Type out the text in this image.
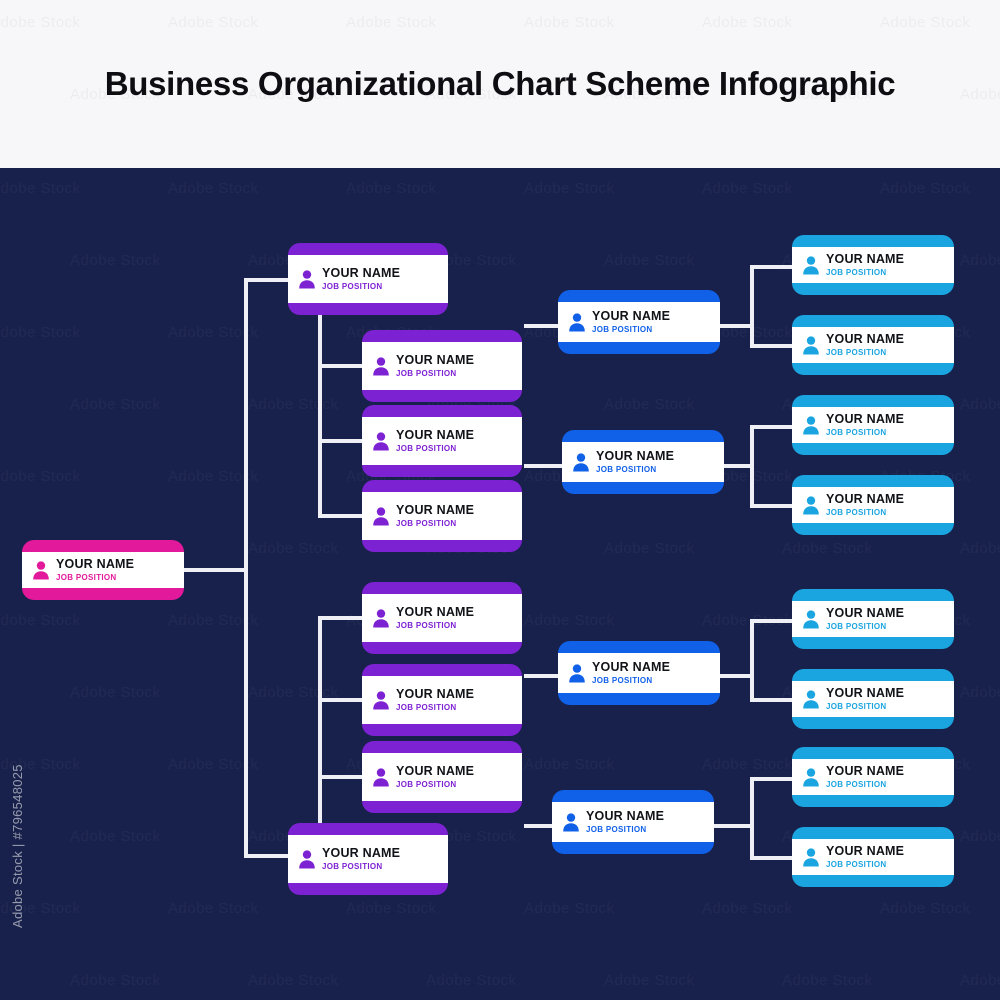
Business Organizational Chart Scheme Infographic
YOUR NAME
JOB POSITION
YOUR NAME
JOB POSITION
YOUR NAME
JOB POSITION
YOUR NAME
JOB POSITION
YOUR NAME
JOB POSITION
YOUR NAME
JOB POSITION
YOUR NAME
JOB POSITION
YOUR NAME
JOB POSITION
YOUR NAME
JOB POSITION
YOUR NAME
JOB POSITION
YOUR NAME
JOB POSITION
YOUR NAME
JOB POSITION
YOUR NAME
JOB POSITION
YOUR NAME
JOB POSITION
YOUR NAME
JOB POSITION
YOUR NAME
JOB POSITION
YOUR NAME
JOB POSITION
YOUR NAME
JOB POSITION
YOUR NAME
JOB POSITION
YOUR NAME
JOB POSITION
YOUR NAME
JOB POSITION
Adobe Stock | #796548025
